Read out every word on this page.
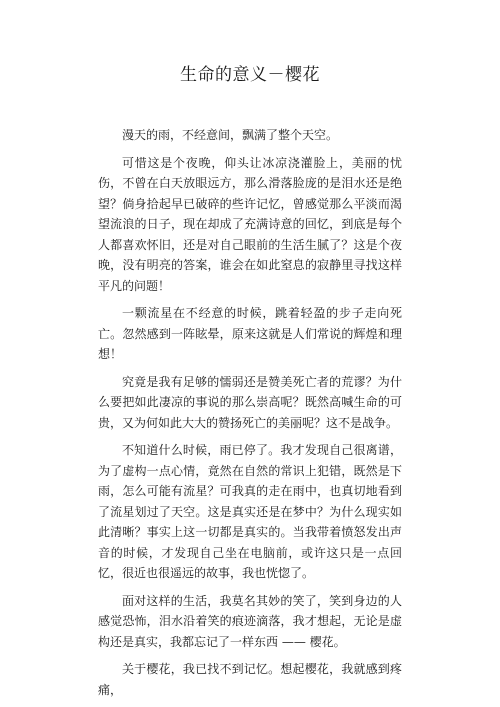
生命的意义－樱花

漫天的雨，不经意间，飘满了整个天空。

可惜这是个夜晚，仰头让冰凉浇灌脸上，美丽的忧伤，不曾在白天放眼远方，那么滑落脸庞的是泪水还是绝望？倘身拾起早已破碎的些许记忆，曾感觉那么平淡而渴望流浪的日子，现在却成了充满诗意的回忆，到底是每个人都喜欢怀旧，还是对自己眼前的生活生腻了？这是个夜晚，没有明亮的答案，谁会在如此窒息的寂静里寻找这样平凡的问题！

一颗流星在不经意的时候，跳着轻盈的步子走向死亡。忽然感到一阵眩晕，原来这就是人们常说的辉煌和理想！

究竟是我有足够的懦弱还是赞美死亡者的荒谬？为什么要把如此凄凉的事说的那么崇高呢？既然高喊生命的可贵，又为何如此大大的赞扬死亡的美丽呢？这不是战争。

不知道什么时候，雨已停了。我才发现自己很离谱，为了虚构一点心情，竟然在自然的常识上犯错，既然是下雨，怎么可能有流星？可我真的走在雨中，也真切地看到了流星划过了天空。这是真实还是在梦中？为什么现实如此清晰？事实上这一切都是真实的。当我带着愤怒发出声音的时候，才发现自己坐在电脑前，或许这只是一点回忆，很近也很遥远的故事，我也恍惚了。

面对这样的生活，我莫名其妙的笑了，笑到身边的人感觉恐怖，泪水沿着笑的痕迹滴落，我才想起，无论是虚构还是真实，我都忘记了一样东西 —— 樱花。

关于樱花，我已找不到记忆。想起樱花，我就感到疼痛，
